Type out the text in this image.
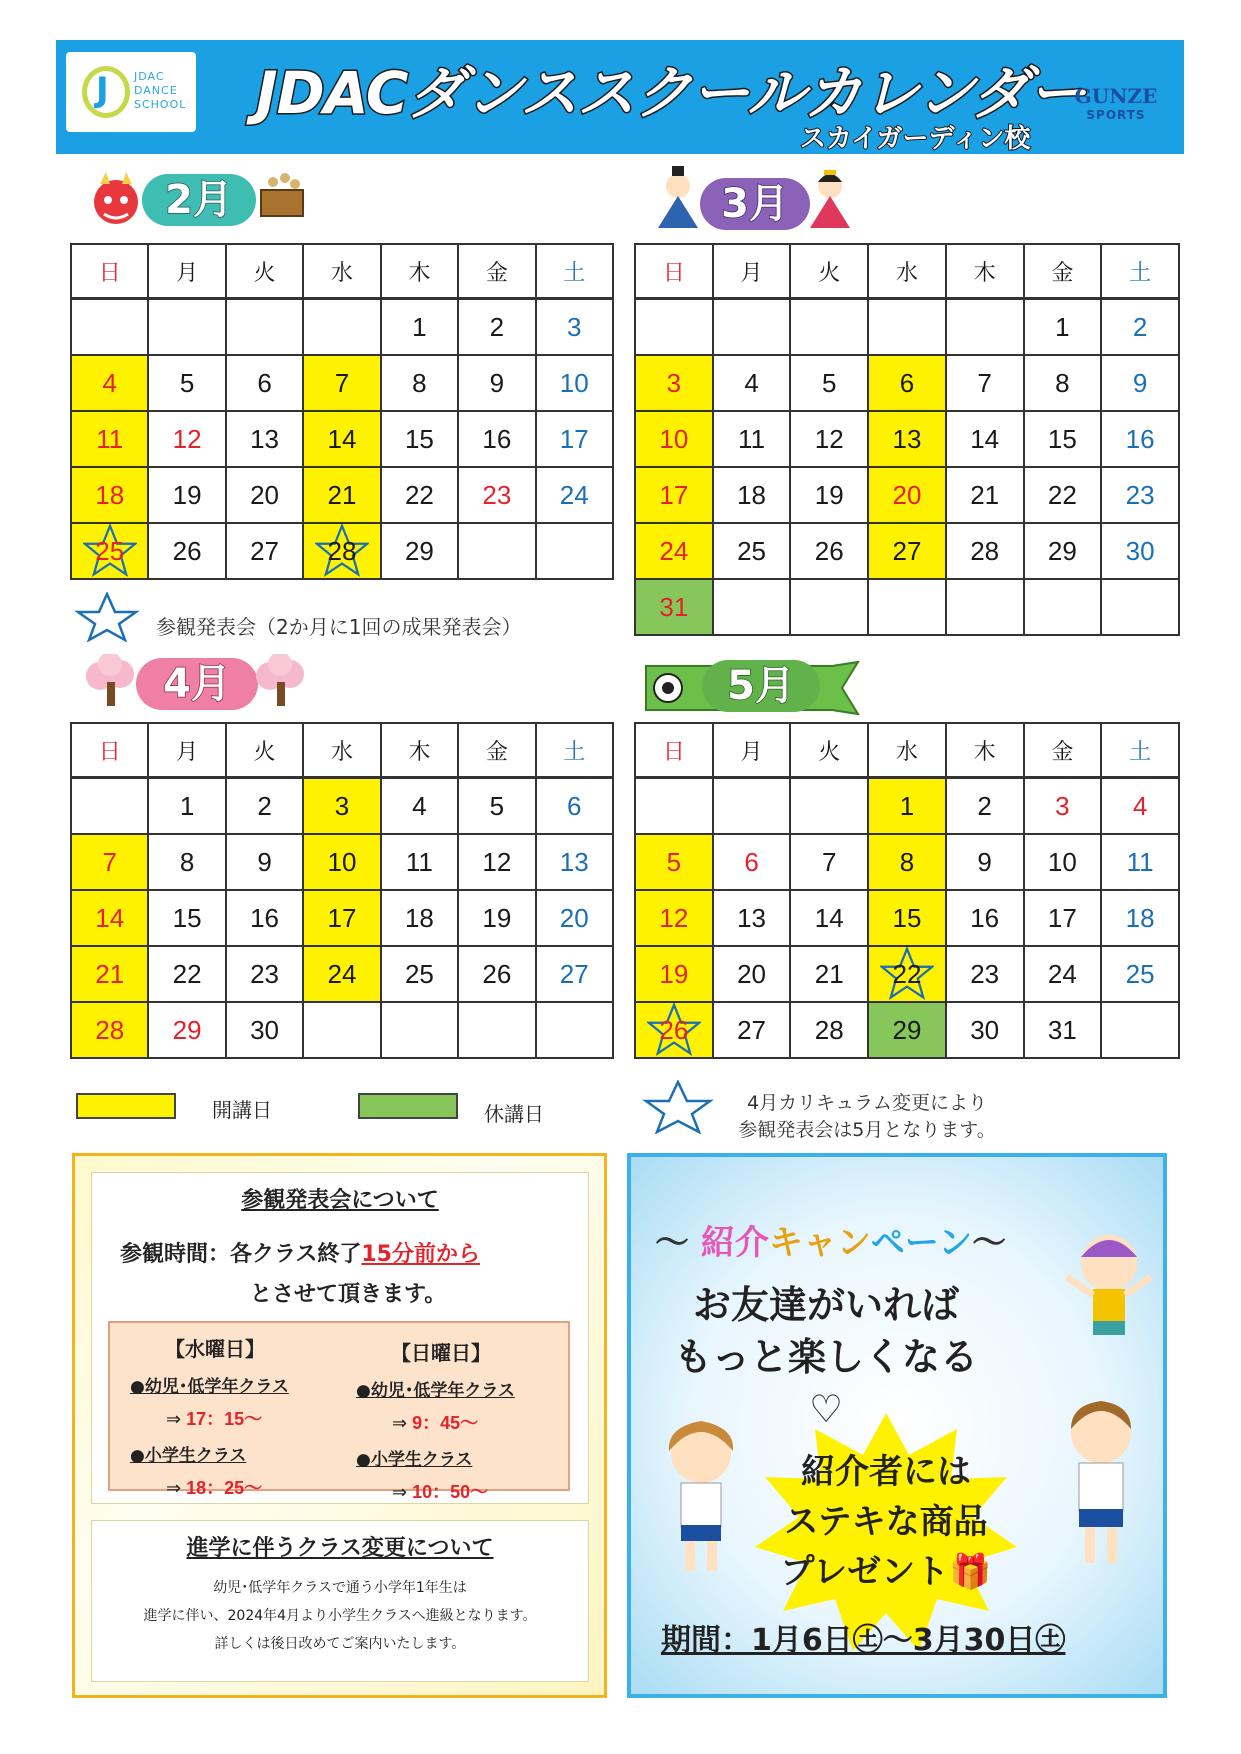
J JDAC
DANCE
SCHOOL JDACダンススクールカレンダー
スカイガーディン校
GUNZE
SPORTS
2月	3月
4月	5月
日	月	火	水	木	金	土
				1	2	3
4	5	6	7	8	9	10
11	12	13	14	15	16	17
18	19	20	21	22	23	24

25	26	27	28	29		
日	月	火	水	木	金	土
					1	2
3	4	5	6	7	8	9
10	11	12	13	14	15	16
17	18	19	20	21	22	23
24	25	26	27	28	29	30
31						
日	月	火	水	木	金	土
	1	2	3	4	5	6
7	8	9	10	11	12	13
14	15	16	17	18	19	20
21	22	23	24	25	26	27
28	29	30				
日	月	火	水	木	金	土
			1	2	3	4
5	6	7	8	9	10	11
12	13	14	15	16	17	18
19	20	21	22	23	24	25

26	27	28	29	30	31	
参観発表会（2か月に1回の成果発表会）
開講日	休講日	4月カリキュラム変更により
参観発表会は5月となります。
参観発表会について
参観時間：各クラス終了15分前から
とさせて頂きます。
【水曜日】
●幼児･低学年クラス
⇒ 17：15〜
●小学生クラス
⇒ 18：25〜
【日曜日】
●幼児･低学年クラス
⇒ 9：45〜
●小学生クラス
⇒ 10：50〜
進学に伴うクラス変更について
幼児･低学年クラスで通う小学年1年生は
進学に伴い、2024年4月より小学生クラスへ進級となります。
詳しくは後日改めてご案内いたします。
〜 紹介キャンペーン〜
お友達がいれば
もっと楽しくなる♡
紹介者には
ステキな商品
プレゼント🎁
期間：1月6日㊏〜3月30日㊏
